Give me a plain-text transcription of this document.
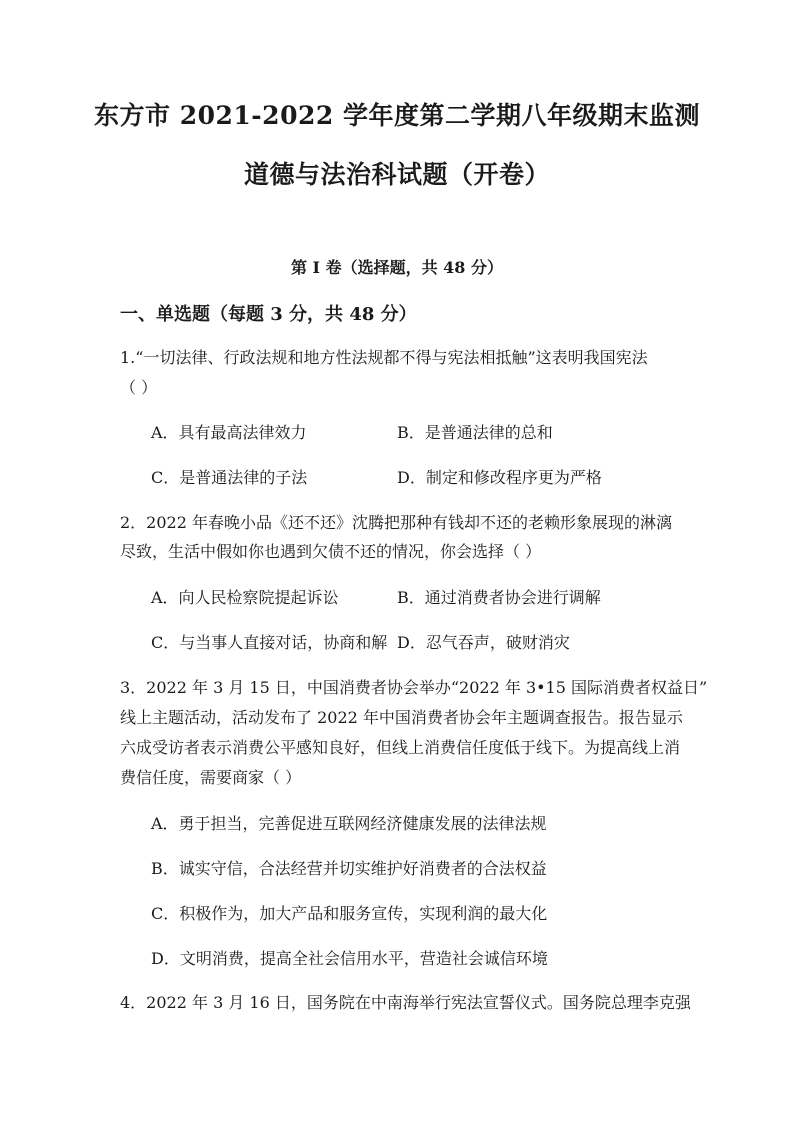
东方市 2021-2022 学年度第二学期八年级期末监测
道德与法治科试题（开卷）
第 I 卷（选择题，共 48 分）
一、单选题（每题 3 分，共 48 分）
1.“一切法律、行政法规和地方性法规都不得与宪法相抵触”这表明我国宪法
（ ）
A．具有最高法律效力	B．是普通法律的总和
C．是普通法律的子法	D．制定和修改程序更为严格
2．2022 年春晚小品《还不还》沈腾把那种有钱却不还的老赖形象展现的淋漓
尽致，生活中假如你也遇到欠债不还的情况，你会选择（ ）
A．向人民检察院提起诉讼	B．通过消费者协会进行调解
C．与当事人直接对话，协商和解 D．忍气吞声，破财消灾
3．2022 年 3 月 15 日，中国消费者协会举办“2022 年 3•15 国际消费者权益日”
线上主题活动，活动发布了 2022 年中国消费者协会年主题调查报告。报告显示
六成受访者表示消费公平感知良好，但线上消费信任度低于线下。为提高线上消
费信任度，需要商家（ ）
A．勇于担当，完善促进互联网经济健康发展的法律法规
B．诚实守信，合法经营并切实维护好消费者的合法权益
C．积极作为，加大产品和服务宣传，实现利润的最大化
D．文明消费，提高全社会信用水平，营造社会诚信环境
4．2022 年 3 月 16 日，国务院在中南海举行宪法宣誓仪式。国务院总理李克强
